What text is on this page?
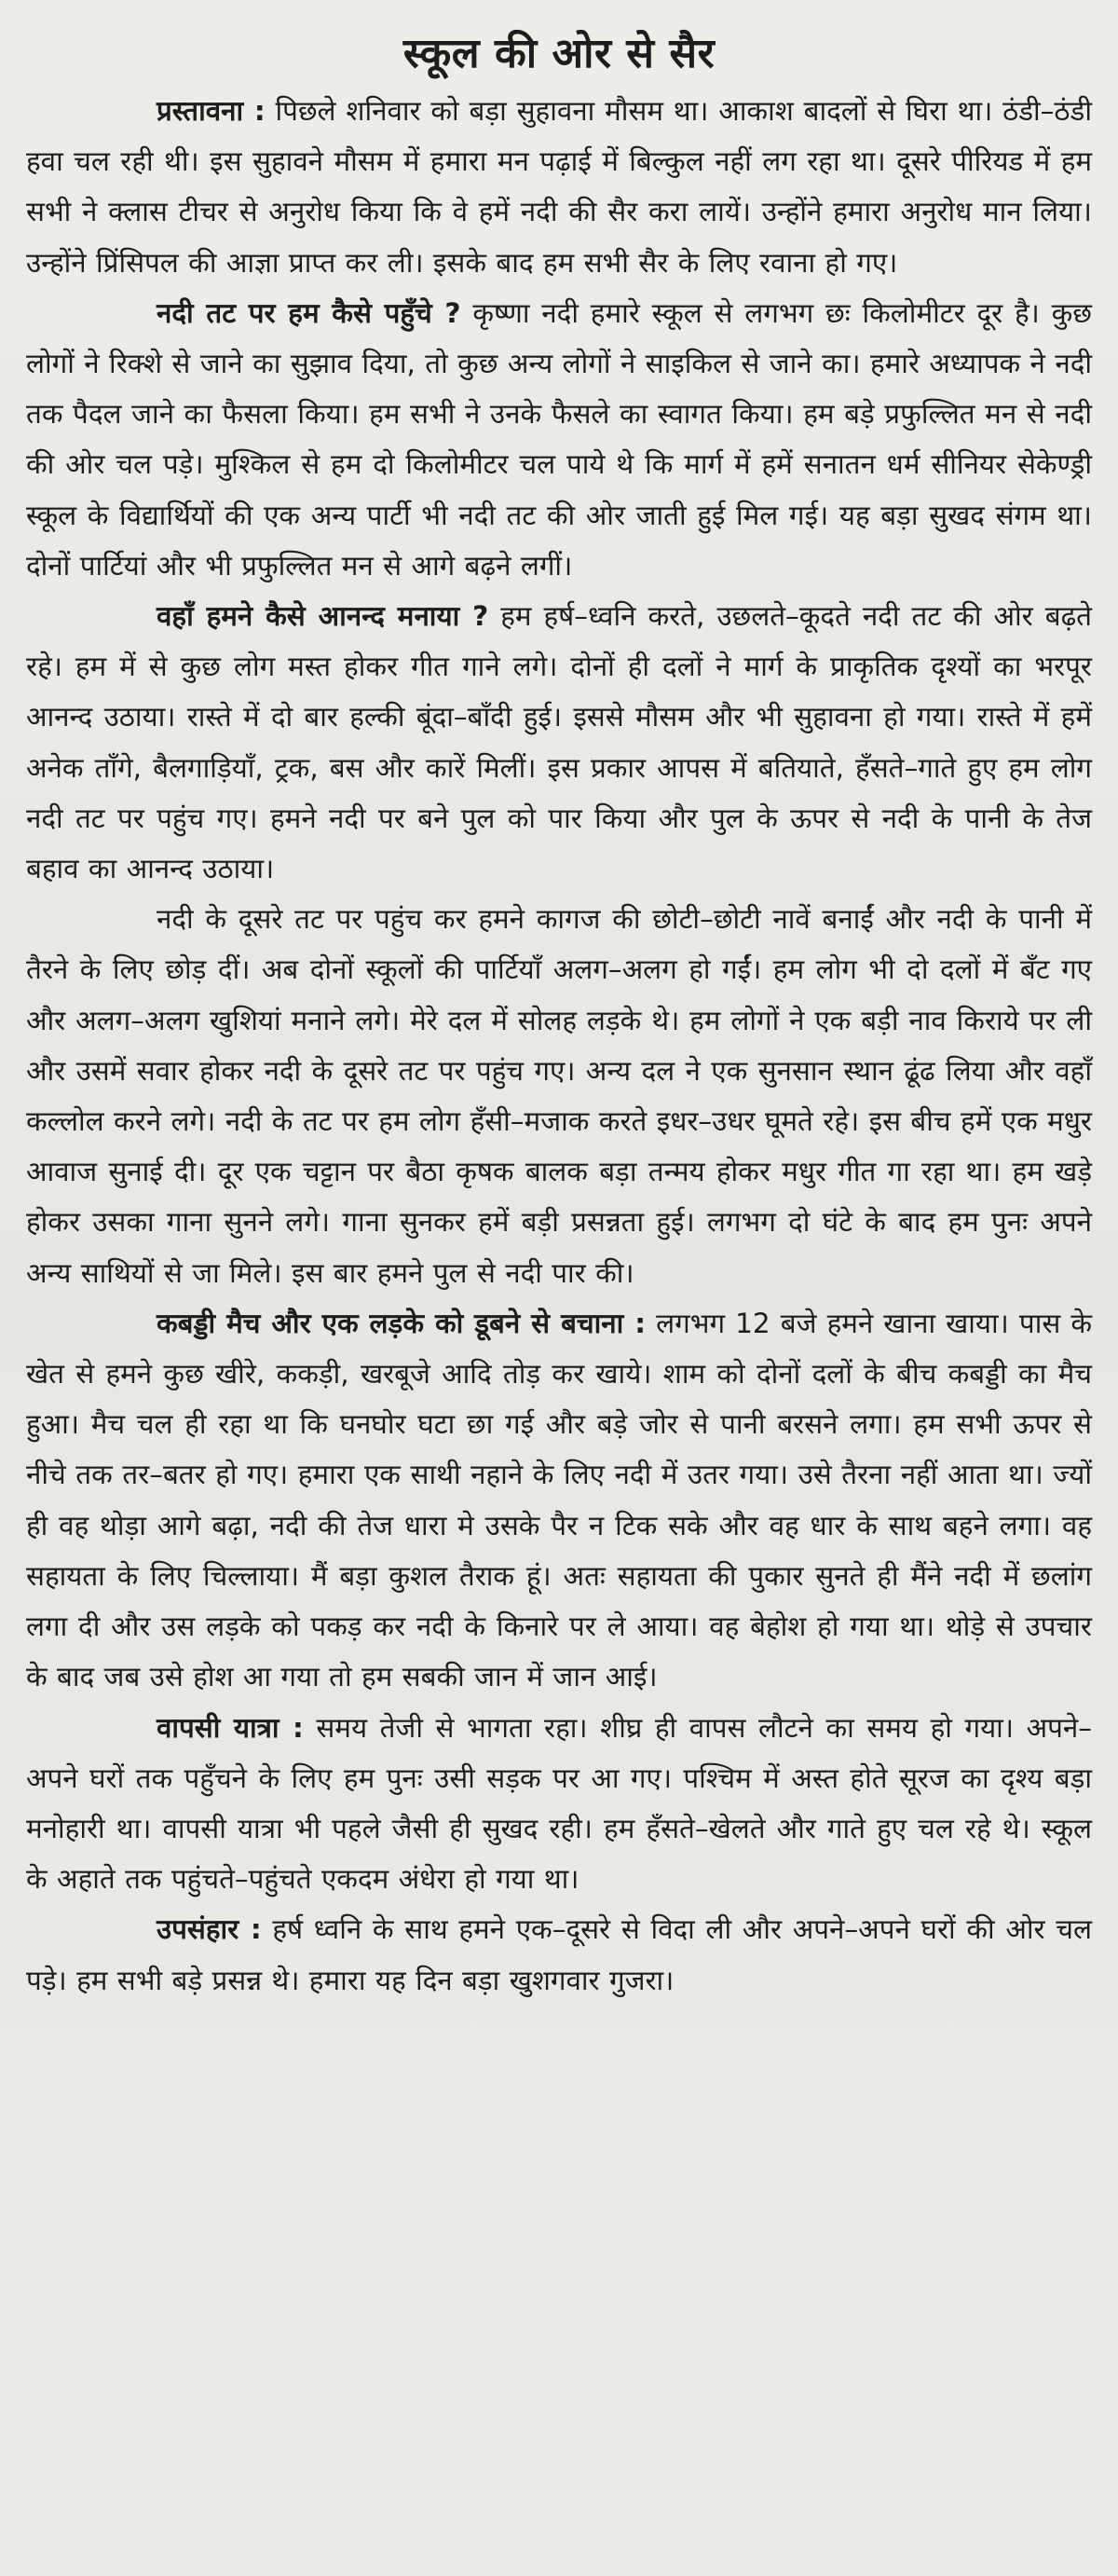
स्कूल की ओर से सैर

प्रस्तावना : पिछले शनिवार को बड़ा सुहावना मौसम था। आकाश बादलों से घिरा था। ठंडी–ठंडी हवा चल रही थी। इस सुहावने मौसम में हमारा मन पढ़ाई में बिल्कुल नहीं लग रहा था। दूसरे पीरियड में हम सभी ने क्लास टीचर से अनुरोध किया कि वे हमें नदी की सैर करा लायें। उन्होंने हमारा अनुरोध मान लिया। उन्होंने प्रिंसिपल की आज्ञा प्राप्त कर ली। इसके बाद हम सभी सैर के लिए रवाना हो गए।

नदी तट पर हम कैसे पहुँचे ? कृष्णा नदी हमारे स्कूल से लगभग छः किलोमीटर दूर है। कुछ लोगों ने रिक्शे से जाने का सुझाव दिया, तो कुछ अन्य लोगों ने साइकिल से जाने का। हमारे अध्यापक ने नदी तक पैदल जाने का फैसला किया। हम सभी ने उनके फैसले का स्वागत किया। हम बड़े प्रफुल्लित मन से नदी की ओर चल पड़े। मुश्किल से हम दो किलोमीटर चल पाये थे कि मार्ग में हमें सनातन धर्म सीनियर सेकेण्ड्री स्कूल के विद्यार्थियों की एक अन्य पार्टी भी नदी तट की ओर जाती हुई मिल गई। यह बड़ा सुखद संगम था। दोनों पार्टियां और भी प्रफुल्लित मन से आगे बढ़ने लगीं।

वहाँ हमने कैसे आनन्द मनाया ? हम हर्ष–ध्वनि करते, उछलते–कूदते नदी तट की ओर बढ़ते रहे। हम में से कुछ लोग मस्त होकर गीत गाने लगे। दोनों ही दलों ने मार्ग के प्राकृतिक दृश्यों का भरपूर आनन्द उठाया। रास्ते में दो बार हल्की बूंदा–बाँदी हुई। इससे मौसम और भी सुहावना हो गया। रास्ते में हमें अनेक ताँगे, बैलगाड़ियाँ, ट्रक, बस और कारें मिलीं। इस प्रकार आपस में बतियाते, हँसते–गाते हुए हम लोग नदी तट पर पहुंच गए। हमने नदी पर बने पुल को पार किया और पुल के ऊपर से नदी के पानी के तेज बहाव का आनन्द उठाया।

नदी के दूसरे तट पर पहुंच कर हमने कागज की छोटी–छोटी नावें बनाईं और नदी के पानी में तैरने के लिए छोड़ दीं। अब दोनों स्कूलों की पार्टियाँ अलग–अलग हो गईं। हम लोग भी दो दलों में बँट गए और अलग–अलग खुशियां मनाने लगे। मेरे दल में सोलह लड़के थे। हम लोगों ने एक बड़ी नाव किराये पर ली और उसमें सवार होकर नदी के दूसरे तट पर पहुंच गए। अन्य दल ने एक सुनसान स्थान ढूंढ लिया और वहाँ कल्लोल करने लगे। नदी के तट पर हम लोग हँसी–मजाक करते इधर–उधर घूमते रहे। इस बीच हमें एक मधुर आवाज सुनाई दी। दूर एक चट्टान पर बैठा कृषक बालक बड़ा तन्मय होकर मधुर गीत गा रहा था। हम खड़े होकर उसका गाना सुनने लगे। गाना सुनकर हमें बड़ी प्रसन्नता हुई। लगभग दो घंटे के बाद हम पुनः अपने अन्य साथियों से जा मिले। इस बार हमने पुल से नदी पार की।

कबड्डी मैच और एक लड़के को डूबने से बचाना : लगभग 12 बजे हमने खाना खाया। पास के खेत से हमने कुछ खीरे, ककड़ी, खरबूजे आदि तोड़ कर खाये। शाम को दोनों दलों के बीच कबड्डी का मैच हुआ। मैच चल ही रहा था कि घनघोर घटा छा गई और बड़े जोर से पानी बरसने लगा। हम सभी ऊपर से नीचे तक तर–बतर हो गए। हमारा एक साथी नहाने के लिए नदी में उतर गया। उसे तैरना नहीं आता था। ज्यों ही वह थोड़ा आगे बढ़ा, नदी की तेज धारा मे उसके पैर न टिक सके और वह धार के साथ बहने लगा। वह सहायता के लिए चिल्लाया। मैं बड़ा कुशल तैराक हूं। अतः सहायता की पुकार सुनते ही मैंने नदी में छलांग लगा दी और उस लड़के को पकड़ कर नदी के किनारे पर ले आया। वह बेहोश हो गया था। थोड़े से उपचार के बाद जब उसे होश आ गया तो हम सबकी जान में जान आई।

वापसी यात्रा : समय तेजी से भागता रहा। शीघ्र ही वापस लौटने का समय हो गया। अपने–अपने घरों तक पहुँचने के लिए हम पुनः उसी सड़क पर आ गए। पश्चिम में अस्त होते सूरज का दृश्य बड़ा मनोहारी था। वापसी यात्रा भी पहले जैसी ही सुखद रही। हम हँसते–खेलते और गाते हुए चल रहे थे। स्कूल के अहाते तक पहुंचते–पहुंचते एकदम अंधेरा हो गया था।

उपसंहार : हर्ष ध्वनि के साथ हमने एक–दूसरे से विदा ली और अपने–अपने घरों की ओर चल पड़े। हम सभी बड़े प्रसन्न थे। हमारा यह दिन बड़ा खुशगवार गुजरा।
